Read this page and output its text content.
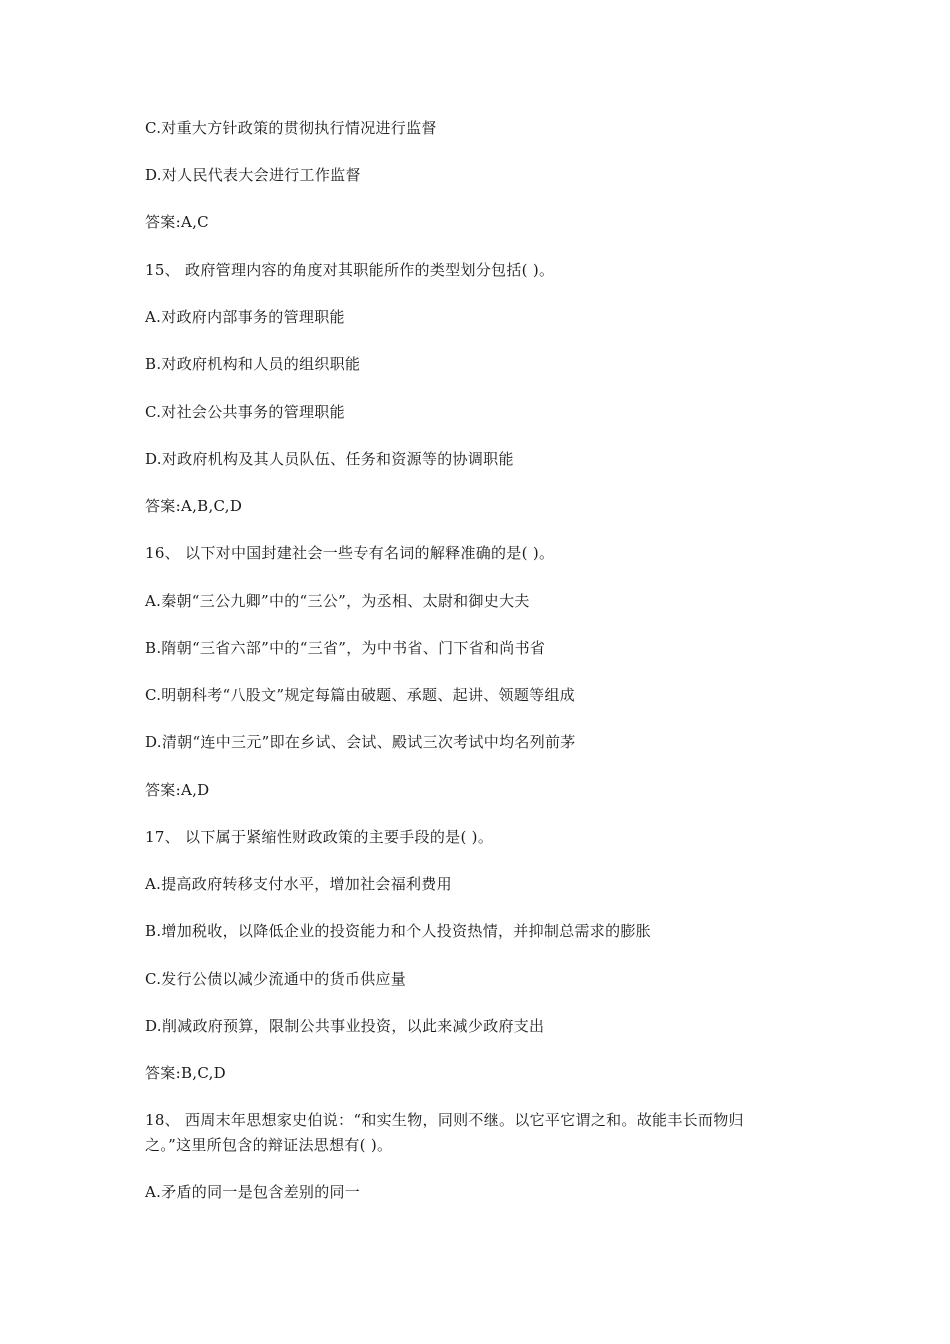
C.对重大方针政策的贯彻执行情况进行监督
D.对人民代表大会进行工作监督
答案:A,C
15、 政府管理内容的角度对其职能所作的类型划分包括( )。
A.对政府内部事务的管理职能
B.对政府机构和人员的组织职能
C.对社会公共事务的管理职能
D.对政府机构及其人员队伍、任务和资源等的协调职能
答案:A,B,C,D
16、 以下对中国封建社会一些专有名词的解释准确的是( )。
A.秦朝“三公九卿”中的“三公”，为丞相、太尉和御史大夫
B.隋朝“三省六部”中的“三省”，为中书省、门下省和尚书省
C.明朝科考“八股文”规定每篇由破题、承题、起讲、领题等组成
D.清朝“连中三元”即在乡试、会试、殿试三次考试中均名列前茅
答案:A,D
17、 以下属于紧缩性财政政策的主要手段的是( )。
A.提高政府转移支付水平，增加社会福利费用
B.增加税收，以降低企业的投资能力和个人投资热情，并抑制总需求的膨胀
C.发行公债以减少流通中的货币供应量
D.削减政府预算，限制公共事业投资，以此来减少政府支出
答案:B,C,D
18、 西周末年思想家史伯说：“和实生物，同则不继。以它平它谓之和。故能丰长而物归
之。”这里所包含的辩证法思想有( )。
A.矛盾的同一是包含差别的同一
